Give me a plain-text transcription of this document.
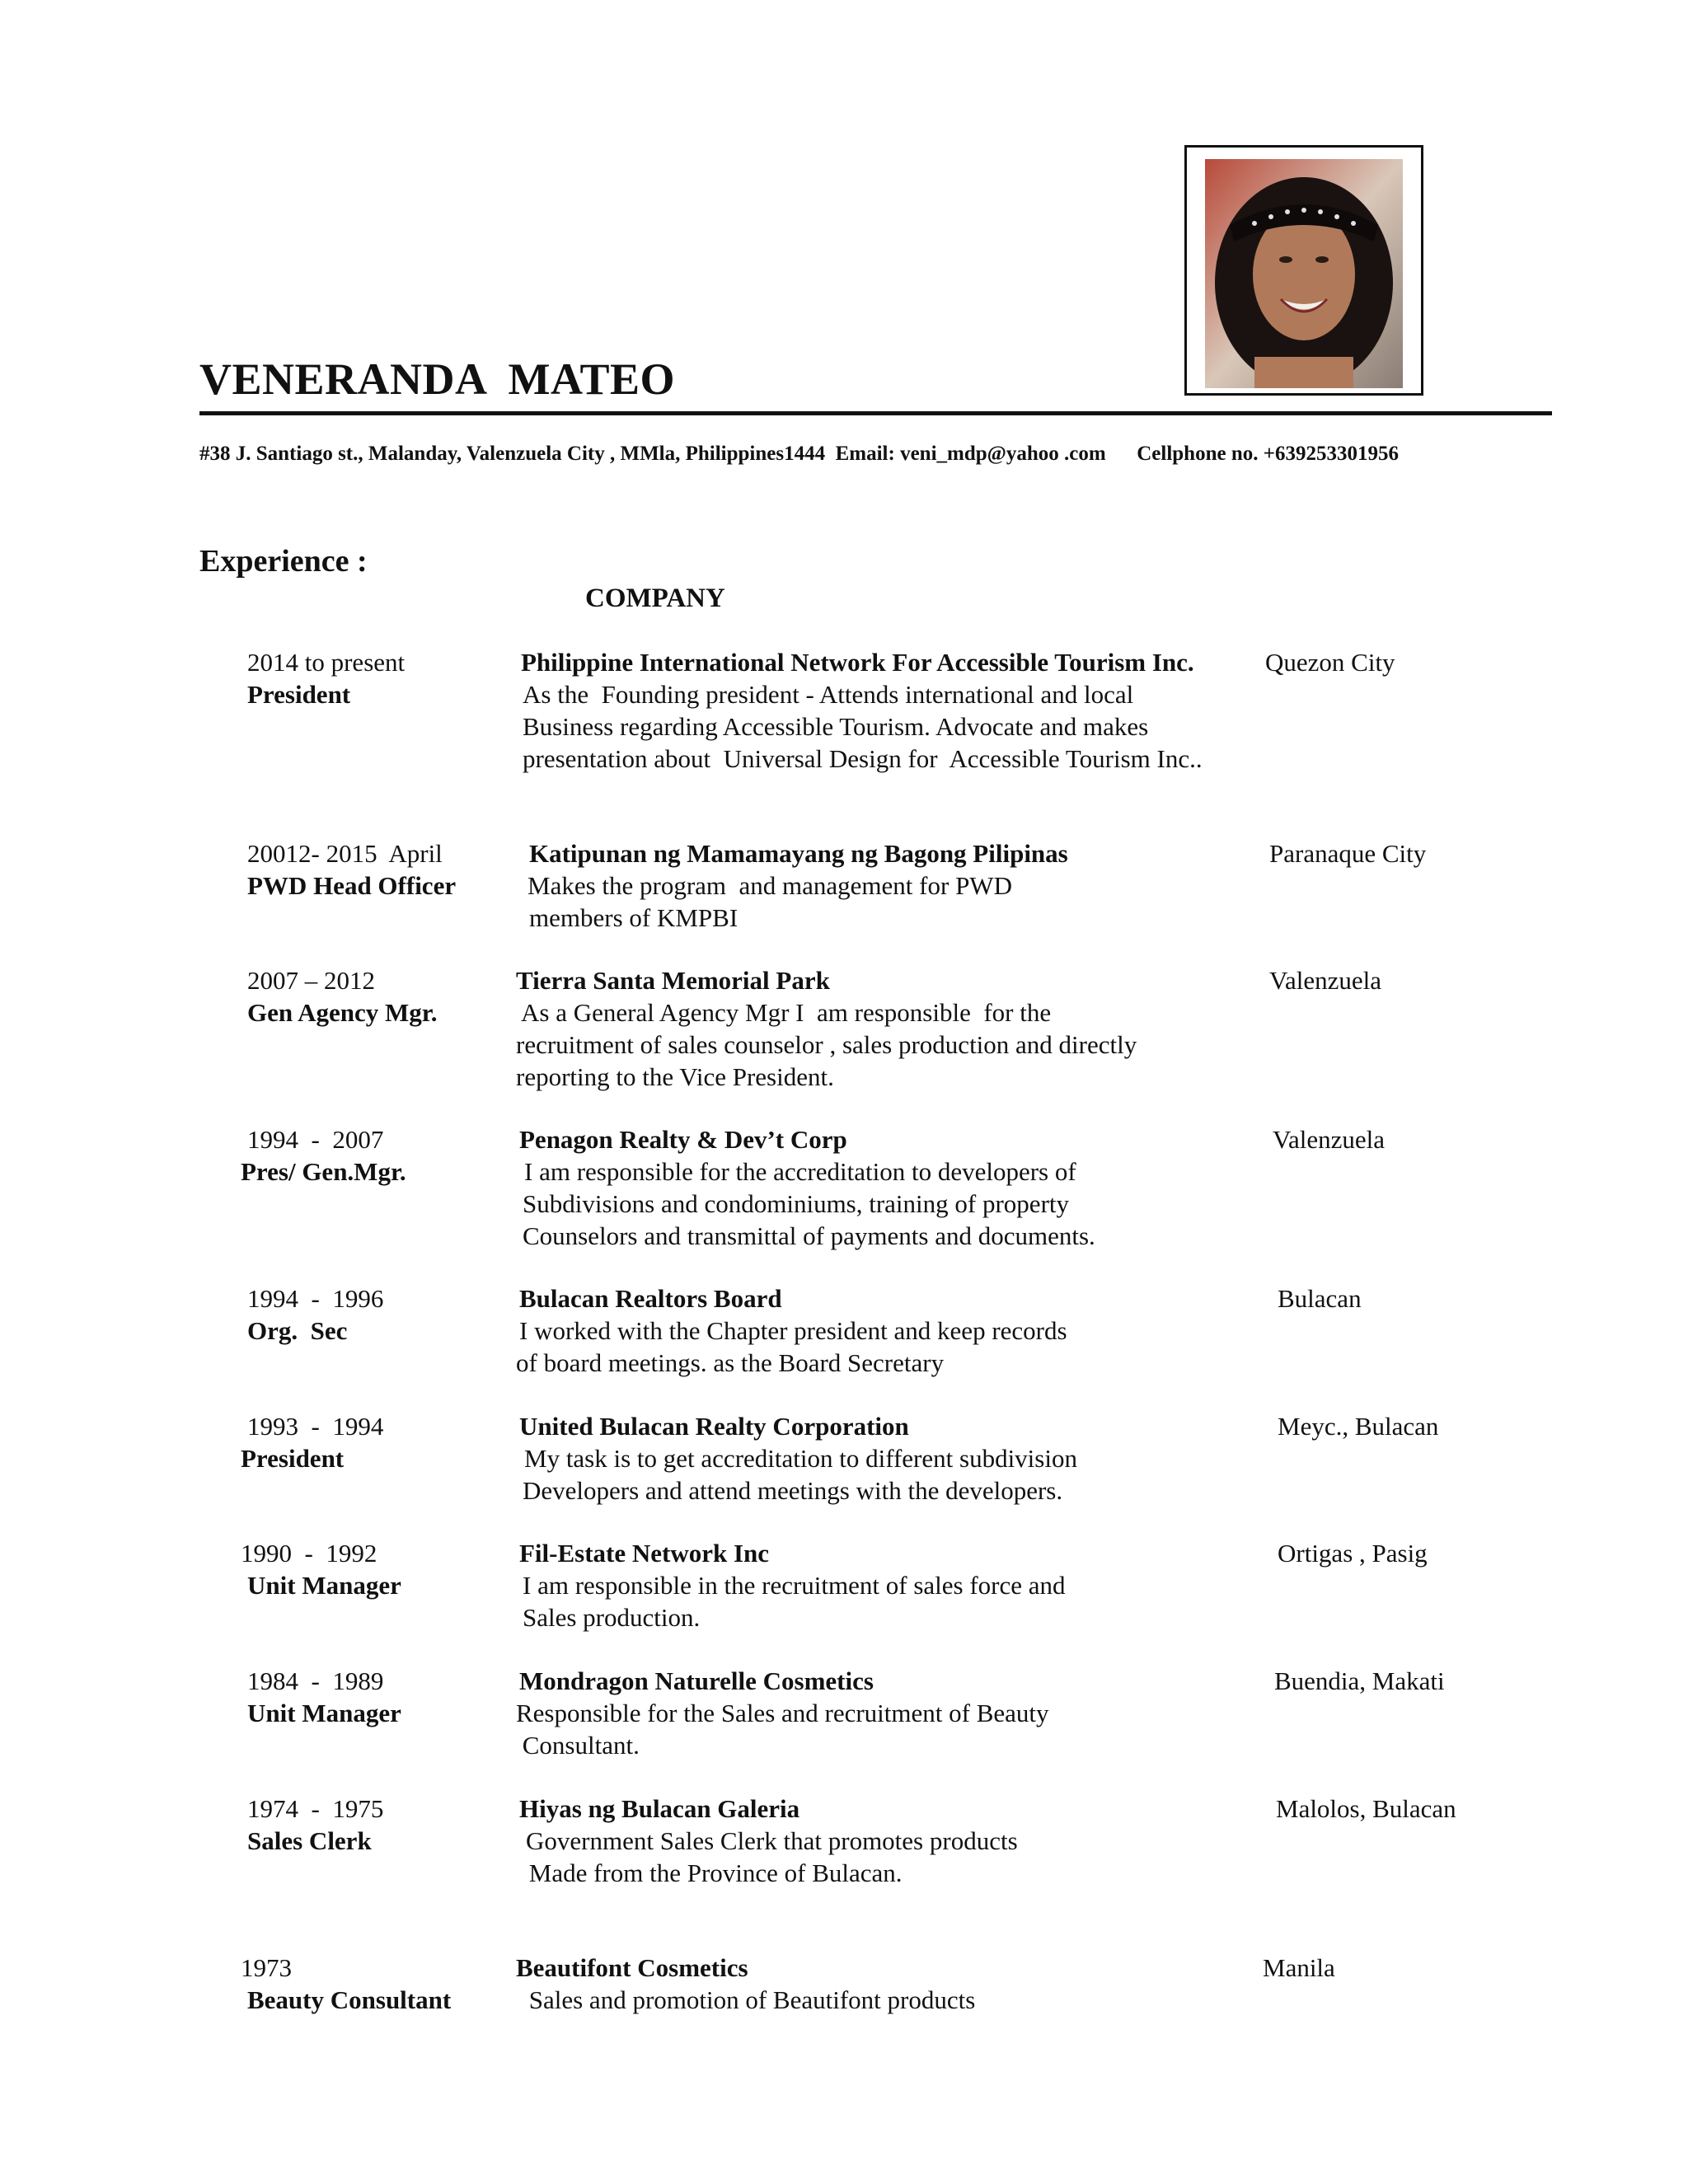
VENERANDA  MATEO
#38 J. Santiago st., Malanday, Valenzuela City , MMla, Philippines1444  Email: veni_mdp@yahoo .com      Cellphone no. +639253301956
Experience :
COMPANY
2014 to present
President
Philippine International Network For Accessible Tourism Inc.	Quezon City
As the  Founding president - Attends international and local
Business regarding Accessible Tourism. Advocate and makes
presentation about  Universal Design for  Accessible Tourism Inc..
20012- 2015  April
PWD Head Officer
Katipunan ng Mamamayang ng Bagong Pilipinas	Paranaque City
Makes the program  and management for PWD
members of KMPBI
2007 – 2012
Gen Agency Mgr.
Tierra Santa Memorial Park	Valenzuela
As a General Agency Mgr I  am responsible  for the
recruitment of sales counselor , sales production and directly
reporting to the Vice President.
1994  -  2007
Pres/ Gen.Mgr.
Penagon Realty & Dev’t Corp	Valenzuela
I am responsible for the accreditation to developers of
Subdivisions and condominiums, training of property
Counselors and transmittal of payments and documents.
1994  -  1996
Org.  Sec
Bulacan Realtors Board	Bulacan
I worked with the Chapter president and keep records
of board meetings. as the Board Secretary
1993  -  1994
President
United Bulacan Realty Corporation	Meyc., Bulacan
My task is to get accreditation to different subdivision
Developers and attend meetings with the developers.
1990  -  1992
Unit Manager
Fil-Estate Network Inc	Ortigas , Pasig
I am responsible in the recruitment of sales force and
Sales production.
1984  -  1989
Unit Manager
Mondragon Naturelle Cosmetics	Buendia, Makati
Responsible for the Sales and recruitment of Beauty
Consultant.
1974  -  1975
Sales Clerk
Hiyas ng Bulacan Galeria	Malolos, Bulacan
Government Sales Clerk that promotes products
Made from the Province of Bulacan.
1973
Beauty Consultant
Beautifont Cosmetics	Manila
Sales and promotion of Beautifont products
